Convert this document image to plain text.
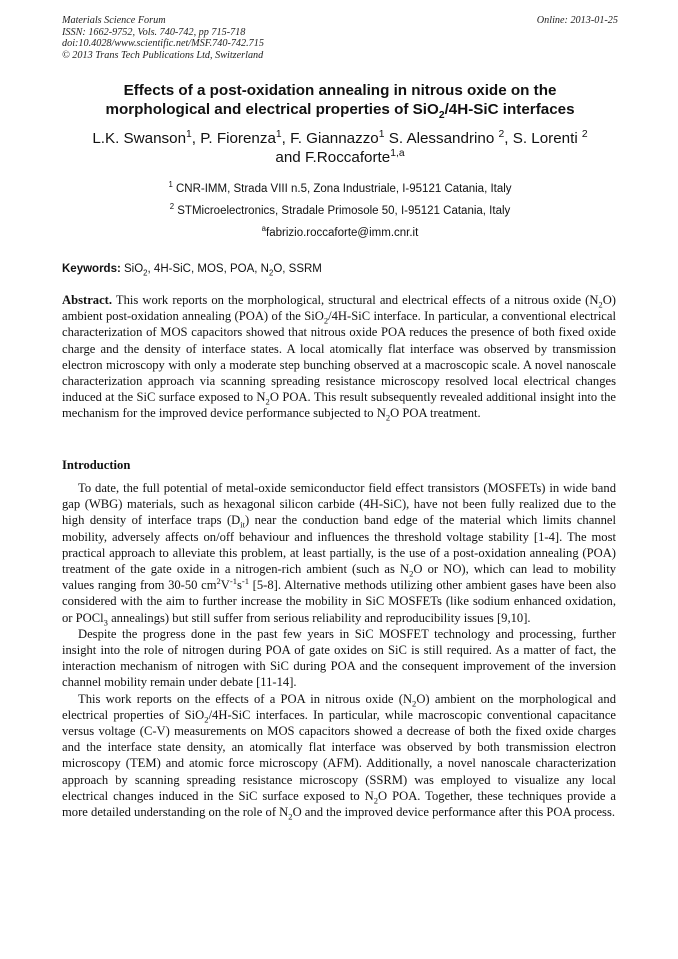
Materials Science Forum
ISSN: 1662-9752, Vols. 740-742, pp 715-718
doi:10.4028/www.scientific.net/MSF.740-742.715
© 2013 Trans Tech Publications Ltd, Switzerland
Online: 2013-01-25
Effects of a post-oxidation annealing in nitrous oxide on the
morphological and electrical properties of SiO$_2$/4H-SiC interfaces
L.K. Swanson$^1$, P. Fiorenza$^1$, F. Giannazzo$^1$ S. Alessandrino $^2$, S. Lorenti $^2$
and F.Roccaforte$^{1,a}$
$^1$ CNR-IMM, Strada VIII n.5, Zona Industriale, I-95121 Catania, Italy
$^2$ STMicroelectronics, Stradale Primosole 50, I-95121 Catania, Italy
$^a$fabrizio.roccaforte@imm.cnr.it
Keywords: SiO$_2$, 4H-SiC, MOS, POA, $N_2O$, SSRM

Abstract. This work reports on the morphological, structural and electrical effects of a nitrous oxide $(N_2O)$ ambient post-oxidation annealing (POA) of the SiO$_2$/4H-SiC interface. In particular, a conventional electrical characterization of MOS capacitors showed that nitrous oxide POA reduces the presence of both fixed oxide charge and the density of interface states. A local atomically flat interface was observed by transmission electron microscopy with only a moderate step bunching observed at a macroscopic scale. A novel nanoscale characterization approach via scanning spreading resistance microscopy resolved local electrical changes induced at the SiC surface exposed to $N_2O$ POA. This result subsequently revealed additional insight into the mechanism for the improved device performance subjected to $N_2O$ POA treatment.

Introduction

To date, the full potential of metal-oxide semiconductor field effect transistors (MOSFETs) in wide band gap (WBG) materials, such as hexagonal silicon carbide (4H-SiC), have not been fully realized due to the high density of interface traps $(D_{it})$ near the conduction band edge of the material which limits channel mobility, adversely affects on/off behaviour and influences the threshold voltage stability [1-4]. The most practical approach to alleviate this problem, at least partially, is the use of a post-oxidation annealing (POA) treatment of the gate oxide in a nitrogen-rich ambient (such as $N_2O$ or NO), which can lead to mobility values ranging from 30-50 $cm^2V^{-1}s^{-1}$ [5-8]. Alternative methods utilizing other ambient gases have been also considered with the aim to further increase the mobility in SiC MOSFETs (like sodium enhanced oxidation, or POCl$_3$ annealings) but still suffer from serious reliability and reproducibility issues [9,10].

Despite the progress done in the past few years in SiC MOSFET technology and processing, further insight into the role of nitrogen during POA of gate oxides on SiC is still required. As a matter of fact, the interaction mechanism of nitrogen with SiC during POA and the consequent improvement of the inversion channel mobility remain under debate [11-14].

This work reports on the effects of a POA in nitrous oxide $(N_2O)$ ambient on the morphological and electrical properties of SiO$_2$/4H-SiC interfaces. In particular, while macroscopic conventional capacitance versus voltage (C-V) measurements on MOS capacitors showed a decrease of both the fixed oxide charges and the interface state density, an atomically flat interface was observed by both transmission electron microscopy (TEM) and atomic force microscopy (AFM). Additionally, a novel nanoscale characterization approach by scanning spreading resistance microscopy (SSRM) was employed to visualize any local electrical changes induced in the SiC surface exposed to $N_2O$ POA. Together, these techniques provide a more detailed understanding on the role of $N_2O$ and the improved device performance after this POA process.
